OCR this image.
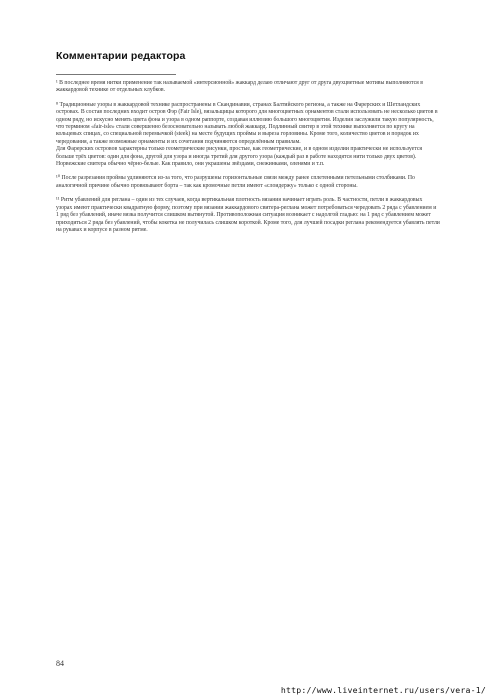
Комментарии редактора

¹ В последнее время нитки применение так называемой «интерсионной» жаккард делаю отличают друг от друга двухцветные мотивы выполняются в жаккардовой технике от отдельных клубков.

⁸ Традиционные узоры в жаккардовой технике распространены в Скандинавии, странах Балтийского региона, а также на Фарерских и Шетландских островах. В состав последних входит остров Фэр (Fair Isle), вязальщицы которого для многоцветных орнаментов стали использовать не несколько цветов в одном ряду, но искусно менять цвета фона и узора в одном раппорте, создавая иллюзию большого многоцветия. Изделия заслужили такую популярность, что термином «fair-isle» стали совершенно безосновательно называть любой жаккард. Подлинный свитер в этой технике выполняется по кругу на кольцевых спицах, со специальной перемычкой (steek) на месте будущих проймы и выреза горловины. Кроме того, количество цветов и порядок их чередования, а также возможные орнаменты и их сочетания подчиняются определённым правилам.

Для Фарерских островов характерны только геометрические рисунки, простые, как геометрические, и в одном изделии практически не используется больше трёх цветов: один для фона, другой для узора и иногда третий для другого узора (каждый раз в работе находятся нити только двух цветов).

Норвежские свитера обычно чёрно-белые. Как правило, они украшены звёздами, снежинками, оленями и т.п.

¹⁰ После разрезания проймы удлиняются из-за того, что разрушены горизонтальные связи между ранее сплетенными петельными столбиками. По аналогичной причине обычно провязывают борта – так как кромочные петли имеют «слоидержу» только с одной стороны.

¹¹ Ритм убавлений для реглана – один из тех случаев, когда вертикальная плотность вязания начинает играть роль. В частности, петли в жаккардовых узорах имеют практически квадратную форму, поэтому при вязании жаккардового свитера-реглана может потребоваться чередовать 2 ряда с убавлением и 1 ряд без убавлений, иначе вязка получится слишком вытянутой. Противоположная ситуация возникает с надолгой гладью: на 1 ряд с убавлением может приходиться 2 ряда без убавлений, чтобы кокетка не получилась слишком короткой. Кроме того, для лучшей посадки реглана рекомендуется убавлять петли на рукавах и корпусе в разном ритме.

84
http://www.liveinternet.ru/users/vera-1/
